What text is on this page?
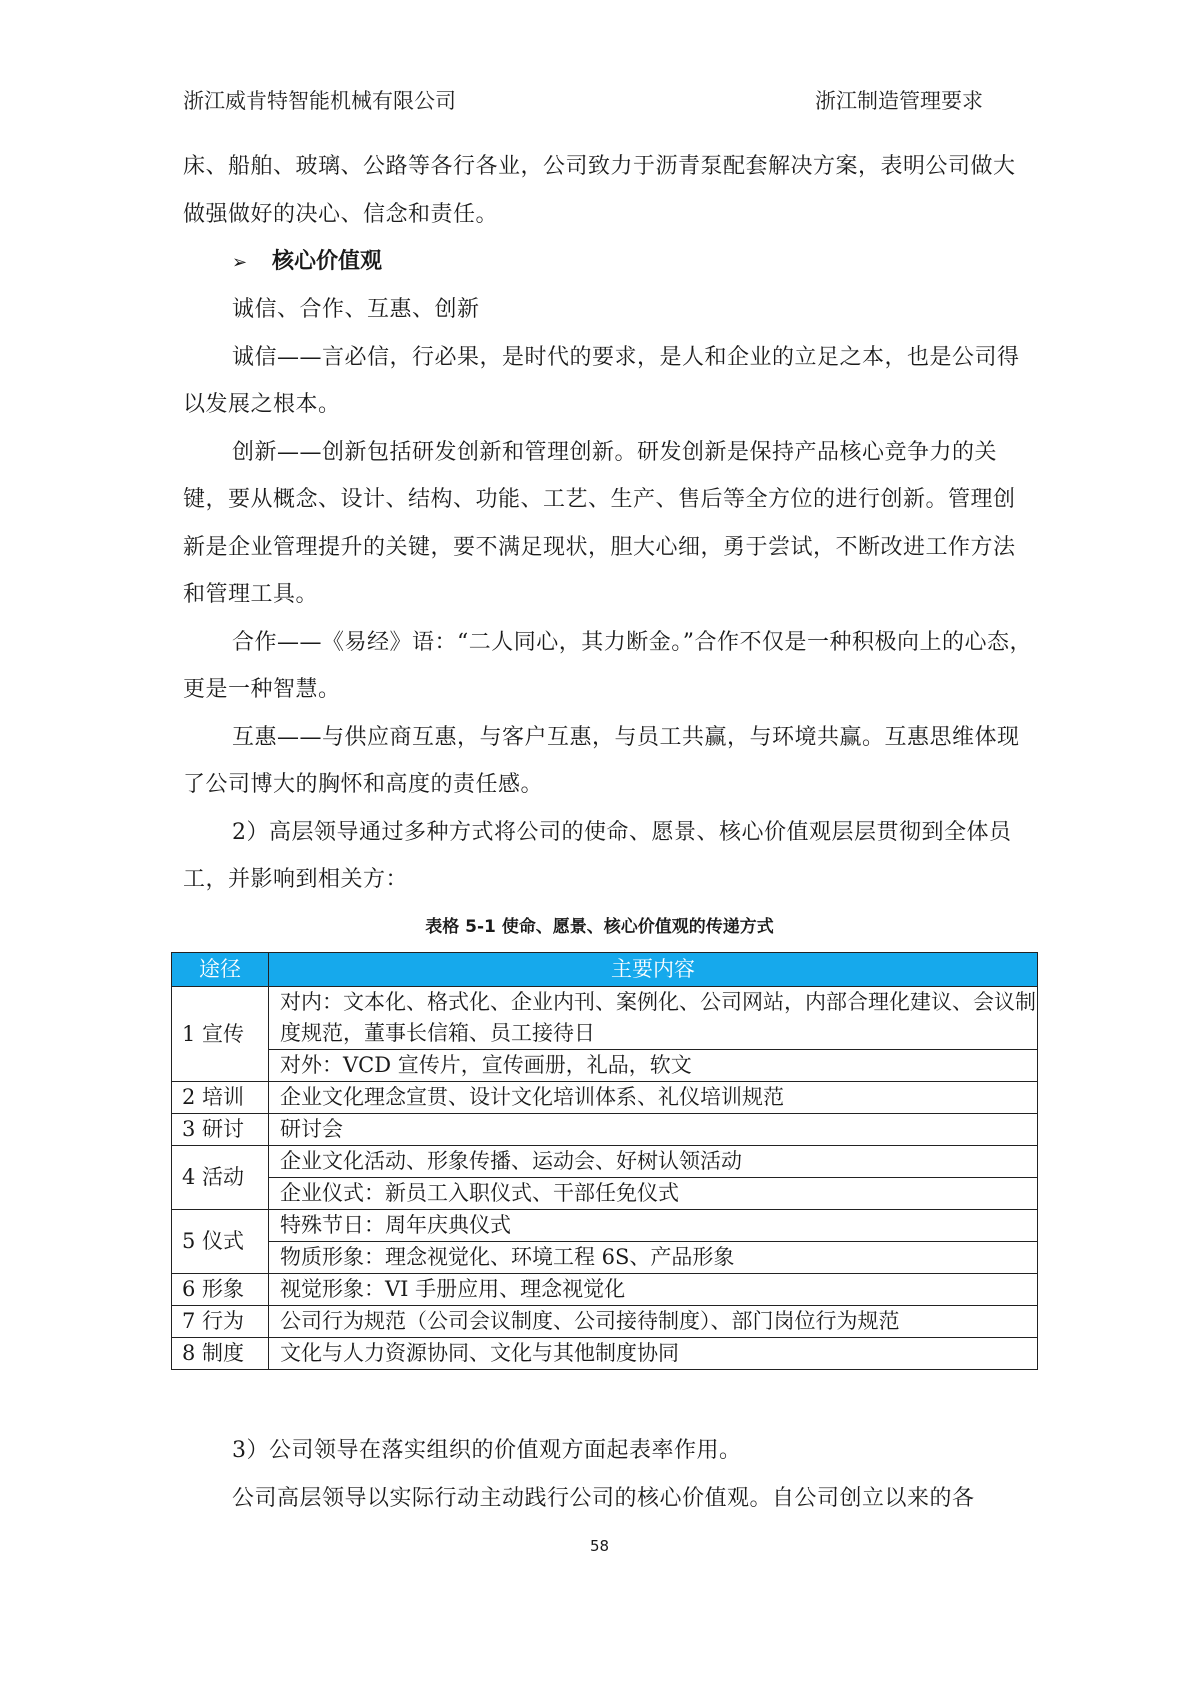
浙江威肯特智能机械有限公司	浙江制造管理要求

床、船舶、玻璃、公路等各行各业，公司致力于沥青泵配套解决方案，表明公司做大做强做好的决心、信念和责任。

➢ 核心价值观

诚信、合作、互惠、创新

诚信——言必信，行必果，是时代的要求，是人和企业的立足之本，也是公司得以发展之根本。

创新——创新包括研发创新和管理创新。研发创新是保持产品核心竞争力的关键，要从概念、设计、结构、功能、工艺、生产、售后等全方位的进行创新。管理创新是企业管理提升的关键，要不满足现状，胆大心细，勇于尝试，不断改进工作方法和管理工具。

合作——《易经》语：“二人同心，其力断金。”合作不仅是一种积极向上的心态，更是一种智慧。

互惠——与供应商互惠，与客户互惠，与员工共赢，与环境共赢。互惠思维体现了公司博大的胸怀和高度的责任感。

2）高层领导通过多种方式将公司的使命、愿景、核心价值观层层贯彻到全体员工，并影响到相关方：

表格 5-1 使命、愿景、核心价值观的传递方式
途径	主要内容
1 宣传	对内：文本化、格式化、企业内刊、案例化、公司网站，内部合理化建议、会议制度规范，董事长信箱、员工接待日
	对外：VCD 宣传片，宣传画册，礼品，软文
2 培训	企业文化理念宣贯、设计文化培训体系、礼仪培训规范
3 研讨	研讨会
4 活动	企业文化活动、形象传播、运动会、好树认领活动
	企业仪式：新员工入职仪式、干部任免仪式
5 仪式	特殊节日：周年庆典仪式
	物质形象：理念视觉化、环境工程 6S、产品形象
6 形象	视觉形象：VI 手册应用、理念视觉化
7 行为	公司行为规范（公司会议制度、公司接待制度）、部门岗位行为规范
8 制度	文化与人力资源协同、文化与其他制度协同

3）公司领导在落实组织的价值观方面起表率作用。

公司高层领导以实际行动主动践行公司的核心价值观。自公司创立以来的各

58
